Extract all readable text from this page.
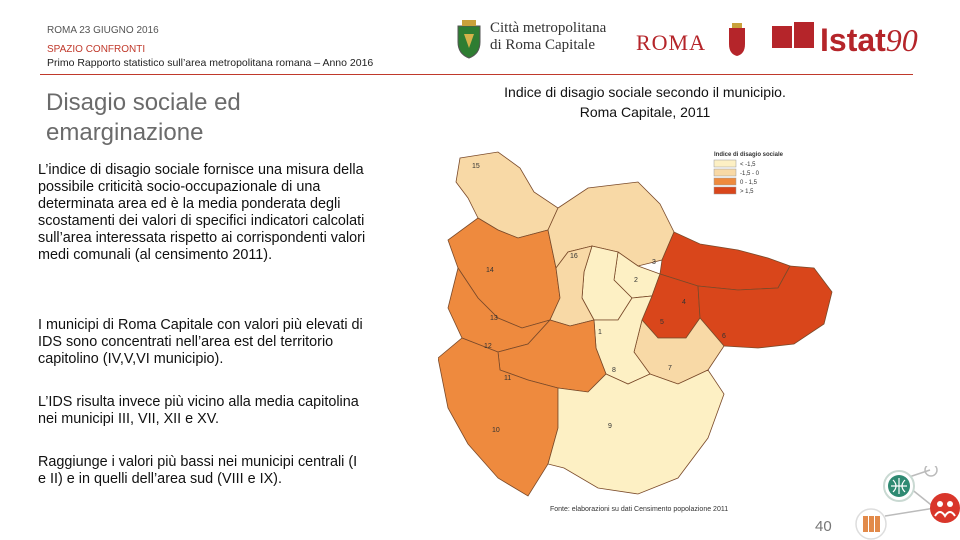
ROMA 23 GIUGNO 2016
SPAZIO CONFRONTI
Primo Rapporto statistico sull’area metropolitana romana – Anno 2016
Città metropolitana
di Roma Capitale	ROMA	Istat90
Disagio sociale ed emarginazione
L’indice di disagio sociale fornisce una misura della possibile criticità socio-occupazionale di una determinata area ed è la media ponderata degli scostamenti dei valori di specifici indicatori calcolati sull’area interessata rispetto ai corrispondenti valori medi comunali (al censimento 2011).
I municipi di Roma Capitale con valori più elevati di IDS sono concentrati nell’area est del territorio capitolino (IV,V,VI municipio).
L’IDS risulta invece più vicino alla media capitolina nei municipi III, VII, XII e XV.
Raggiunge i valori più bassi nei municipi centrali (I e II) e in quelli dell’area sud (VIII e IX).
Indice di disagio sociale secondo il municipio.
Roma Capitale, 2011
15
14
16
3
2
1
4
5
6
7
8
12
13
11
10
9
Indice di disagio sociale
< -1,5
-1,5 - 0
0 - 1,5
> 1,5
Fonte: elaborazioni su dati Censimento popolazione 2011
40
